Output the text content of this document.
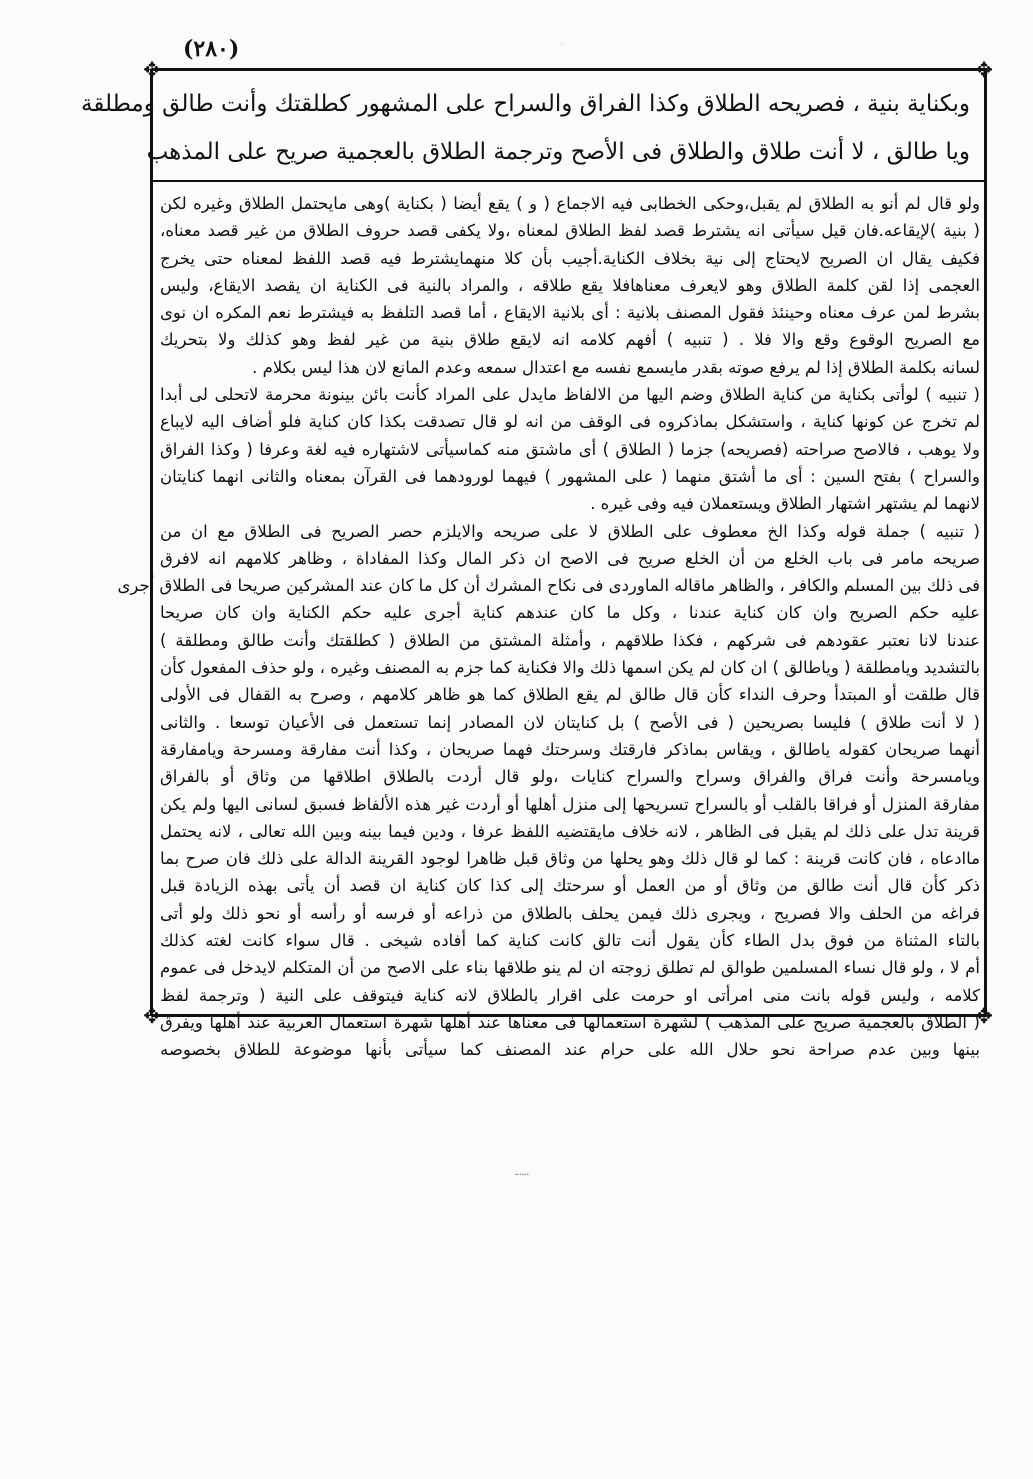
·
(٢٨٠)
✥	✥
✥	✥
وبكناية بنية ، فصريحه الطلاق وكذا الفراق والسراح على المشهور كطلقتك وأنت طالق ومطلقة
ويا طالق ، لا أنت طلاق والطلاق فى الأصح وترجمة الطلاق بالعجمية صريح على المذهب
ولو قال لم أنو به الطلاق لم يقبل،وحكى الخطابى فيه الاجماع ( و ) يقع أيضا ( بكناية )وهى مايحتمل الطلاق وغيره لكن
( بنية )لإيقاعه.فان قيل سيأتى انه يشترط قصد لفظ الطلاق لمعناه ،ولا يكفى قصد حروف الطلاق من غير قصد معناه،
فكيف يقال ان الصريح لايحتاج إلى نية بخلاف الكناية.أجيب بأن كلا منهمايشترط فيه قصد اللفظ لمعناه حتى يخرج
العجمى إذا لقن كلمة الطلاق وهو لايعرف معناهافلا يقع طلاقه ، والمراد بالنية فى الكناية ان يقصد الايقاع، وليس
بشرط لمن عرف معناه وحينئذ فقول المصنف بلانية : أى بلانية الايقاع ، أما قصد التلفظ به فيشترط نعم المكره ان نوى
مع الصريح الوقوع وقع والا فلا . ( تنبيه ) أفهم كلامه انه لايقع طلاق بنية من غير لفظ وهو كذلك ولا بتحريك
لسانه بكلمة الطلاق إذا لم يرفع صوته بقدر مايسمع نفسه مع اعتدال سمعه وعدم المانع لان هذا ليس بكلام .
( تنبيه ) لوأتى بكناية من كناية الطلاق وضم اليها من الالفاظ مايدل على المراد كأنت بائن بينونة محرمة لاتحلى لى أبدا
لم تخرج عن كونها كناية ، واستشكل بماذكروه فى الوقف من انه لو قال تصدقت بكذا كان كناية فلو أضاف اليه لايباع
ولا يوهب ، فالاصح صراحته (فصريحه) جزما ( الطلاق ) أى ماشتق منه كماسيأتى لاشتهاره فيه لغة وعرفا ( وكذا الفراق
والسراح ) بفتح السين : أى ما أشتق منهما ( على المشهور ) فيهما لورودهما فى القرآن بمعناه والثانى انهما كنايتان
لانهما لم يشتهر اشتهار الطلاق ويستعملان فيه وفى غيره .
( تنبيه ) جملة قوله وكذا الخ معطوف على الطلاق لا على صريحه والايلزم حصر الصريح فى الطلاق مع ان من
صريحه مامر فى باب الخلع من أن الخلع صريح فى الاصح ان ذكر المال وكذا المفاداة ، وظاهر كلامهم انه لافرق
فى ذلك بين المسلم والكافر ، والظاهر ماقاله الماوردى فى نكاح المشرك أن كل ما كان عند المشركين صريحا فى الطلاق أجرى
عليه حكم الصريح وان كان كناية عندنا ، وكل ما كان عندهم كناية أجرى عليه حكم الكناية وان كان صريحا
عندنا لانا نعتبر عقودهم فى شركهم ، فكذا طلاقهم ، وأمثلة المشتق من الطلاق ( كطلقتك وأنت طالق ومطلقة )
بالتشديد ويامطلقة ( وياطالق ) ان كان لم يكن اسمها ذلك والا فكناية كما جزم به المصنف وغيره ، ولو حذف المفعول كأن
قال طلقت أو المبتدأ وحرف النداء كأن قال طالق لم يقع الطلاق كما هو ظاهر كلامهم ، وصرح به القفال فى الأولى
( لا أنت طلاق ) فليسا بصريحين ( فى الأصح ) بل كنايتان لان المصادر إنما تستعمل فى الأعيان توسعا . والثانى
أنهما صريحان كقوله ياطالق ، ويقاس بماذكر فارقتك وسرحتك فهما صريحان ، وكذا أنت مفارقة ومسرحة ويامفارقة
ويامسرحة وأنت فراق والفراق وسراح والسراح كنايات ،ولو قال أردت بالطلاق اطلاقها من وثاق أو بالفراق
مفارقة المنزل أو فراقا بالقلب أو بالسراح تسريحها إلى منزل أهلها أو أردت غير هذه الألفاظ فسبق لسانى اليها ولم يكن
قرينة تدل على ذلك لم يقبل فى الظاهر ، لانه خلاف مايقتضيه اللفظ عرفا ، ودين فيما بينه وبين الله تعالى ، لانه يحتمل
ماادعاه ، فان كانت قرينة : كما لو قال ذلك وهو يحلها من وثاق قبل ظاهرا لوجود القرينة الدالة على ذلك فان صرح بما
ذكر كأن قال أنت طالق من وثاق أو من العمل أو سرحتك إلى كذا كان كناية ان قصد أن يأتى بهذه الزيادة قبل
فراغه من الحلف والا فصريح ، ويجرى ذلك فيمن يحلف بالطلاق من ذراعه أو فرسه أو رأسه أو نحو ذلك ولو أتى
بالتاء المثناة من فوق بدل الطاء كأن يقول أنت تالق كانت كناية كما أفاده شيخى . قال سواء كانت لغته كذلك
أم لا ، ولو قال نساء المسلمين طوالق لم تطلق زوجته ان لم ينو طلاقها بناء على الاصح من أن المتكلم لايدخل فى عموم
كلامه ، وليس قوله بانت منى امرأتى او حرمت على اقرار بالطلاق لانه كناية فيتوقف على النية ( وترجمة لفظ
( الطلاق بالعجمية صريح على المذهب ) لشهرة استعمالها فى معناها عند أهلها شهرة استعمال العربية عند أهلها ويفرق
بينها وبين عدم صراحة نحو حلال الله على حرام عند المصنف كما سيأتى بأنها موضوعة للطلاق بخصوصه
‫.ـ.ـ‬
